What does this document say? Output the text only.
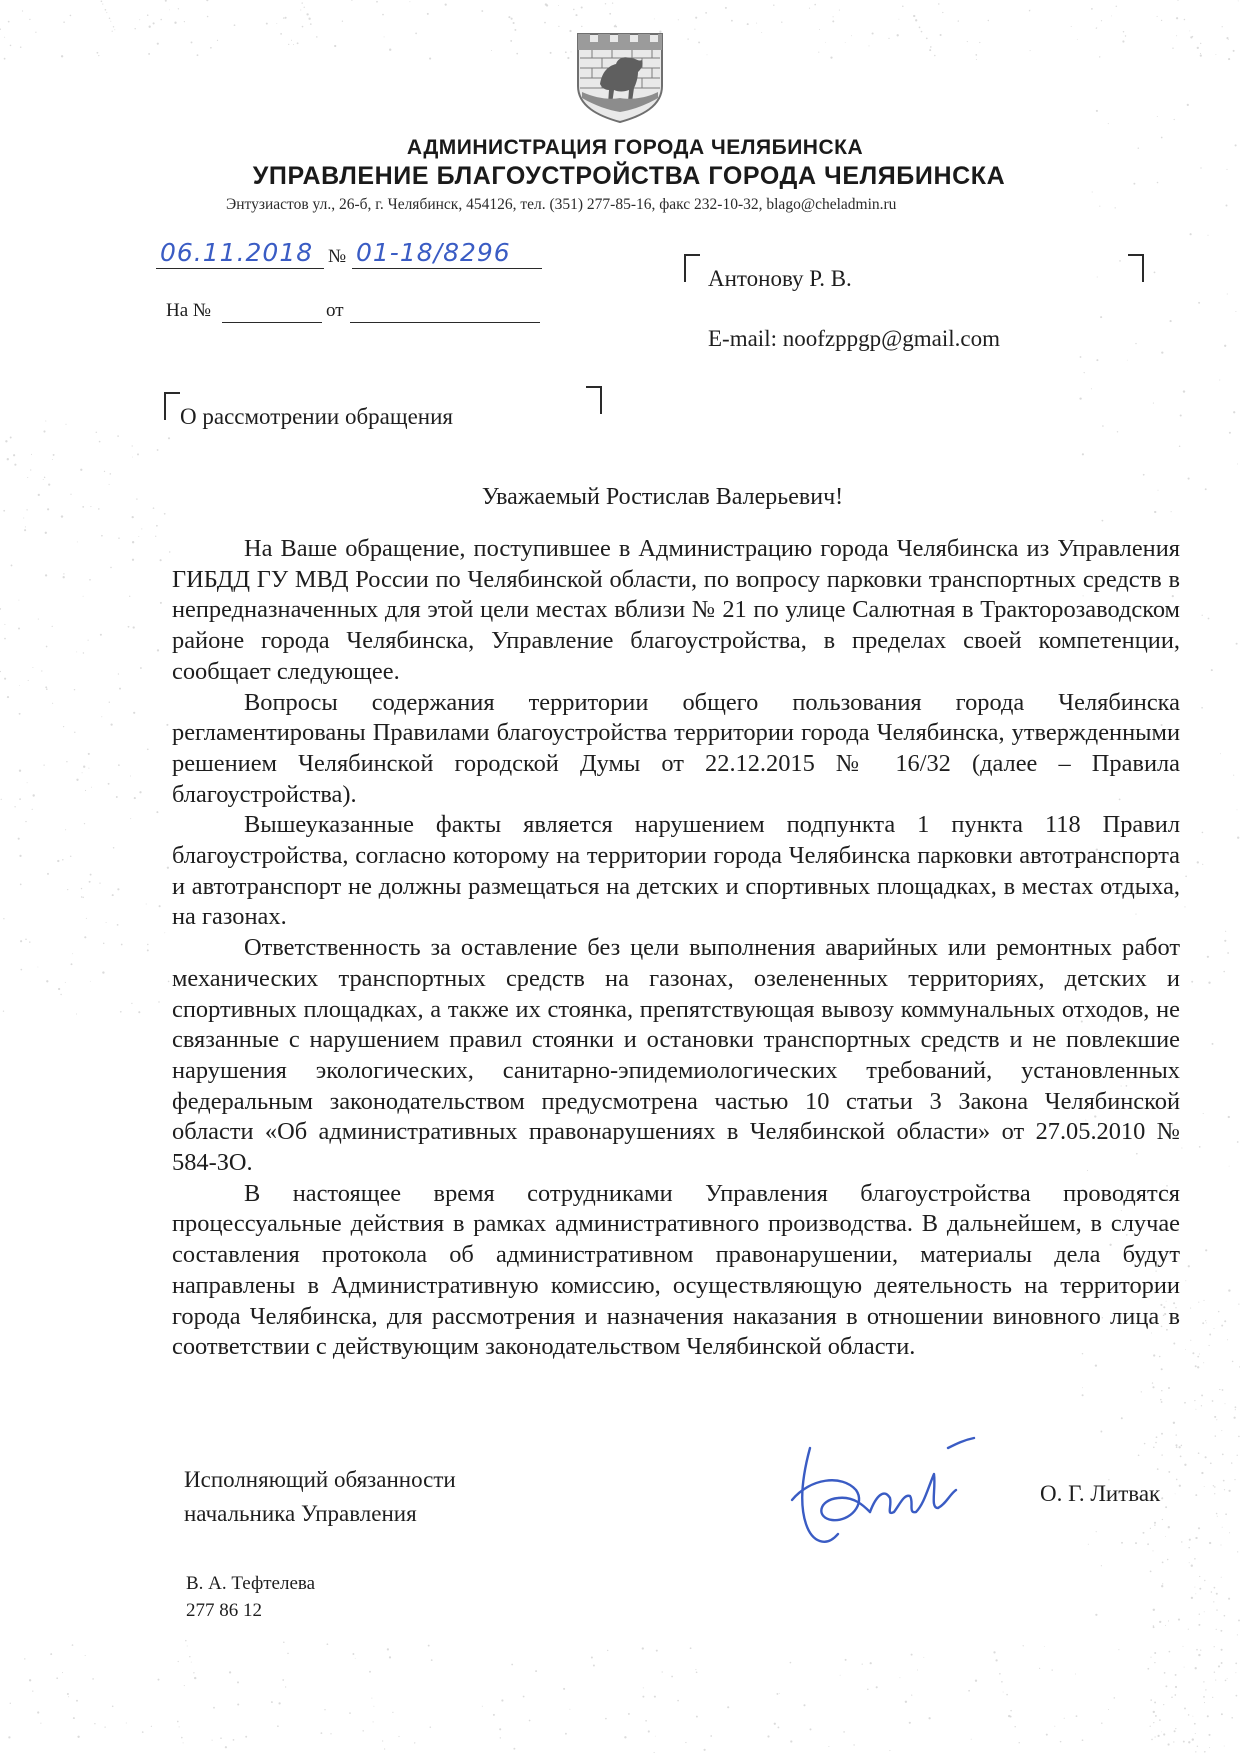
АДМИНИСТРАЦИЯ ГОРОДА ЧЕЛЯБИНСКА
УПРАВЛЕНИЕ БЛАГОУСТРОЙСТВА ГОРОДА ЧЕЛЯБИНСКА
Энтузиастов ул., 26-б, г. Челябинск, 454126, тел. (351) 277-85-16, факс 232-10-32, blago@cheladmin.ru
06.11.2018 № 01-18/8296
На №	от
Антонову Р. В.
E-mail: noofzppgp@gmail.com
О рассмотрении обращения
Уважаемый Ростислав Валерьевич!

На Ваше обращение, поступившее в Администрацию города Челябинска из Управления ГИБДД ГУ МВД России по Челябинской области, по вопросу парковки транспортных средств в непредназначенных для этой цели местах вблизи № 21 по улице Салютная в Тракторозаводском районе города Челябинска, Управление благоустройства, в пределах своей компетенции, сообщает следующее.

Вопросы содержания территории общего пользования города Челябинска регламентированы Правилами благоустройства территории города Челябинска, утвержденными решением Челябинской городской Думы от 22.12.2015 № 16/32 (далее – Правила благоустройства).

Вышеуказанные факты является нарушением подпункта 1 пункта 118 Правил благоустройства, согласно которому на территории города Челябинска парковки автотранспорта и автотранспорт не должны размещаться на детских и спортивных площадках, в местах отдыха, на газонах.

Ответственность за оставление без цели выполнения аварийных или ремонтных работ механических транспортных средств на газонах, озелененных территориях, детских и спортивных площадках, а также их стоянка, препятствующая вывозу коммунальных отходов, не связанные с нарушением правил стоянки и остановки транспортных средств и не повлекшие нарушения экологических, санитарно-эпидемиологических требований, установленных федеральным законодательством предусмотрена частью 10 статьи 3 Закона Челябинской области «Об административных правонарушениях в Челябинской области» от 27.05.2010 № 584-ЗО.

В настоящее время сотрудниками Управления благоустройства проводятся процессуальные действия в рамках административного производства. В дальнейшем, в случае составления протокола об административном правонарушении, материалы дела будут направлены в Административную комиссию, осуществляющую деятельность на территории города Челябинска, для рассмотрения и назначения наказания в отношении виновного лица в соответствии с действующим законодательством Челябинской области.

Исполняющий обязанности
начальника Управления
О. Г. Литвак
В. А. Тефтелева
277 86 12
